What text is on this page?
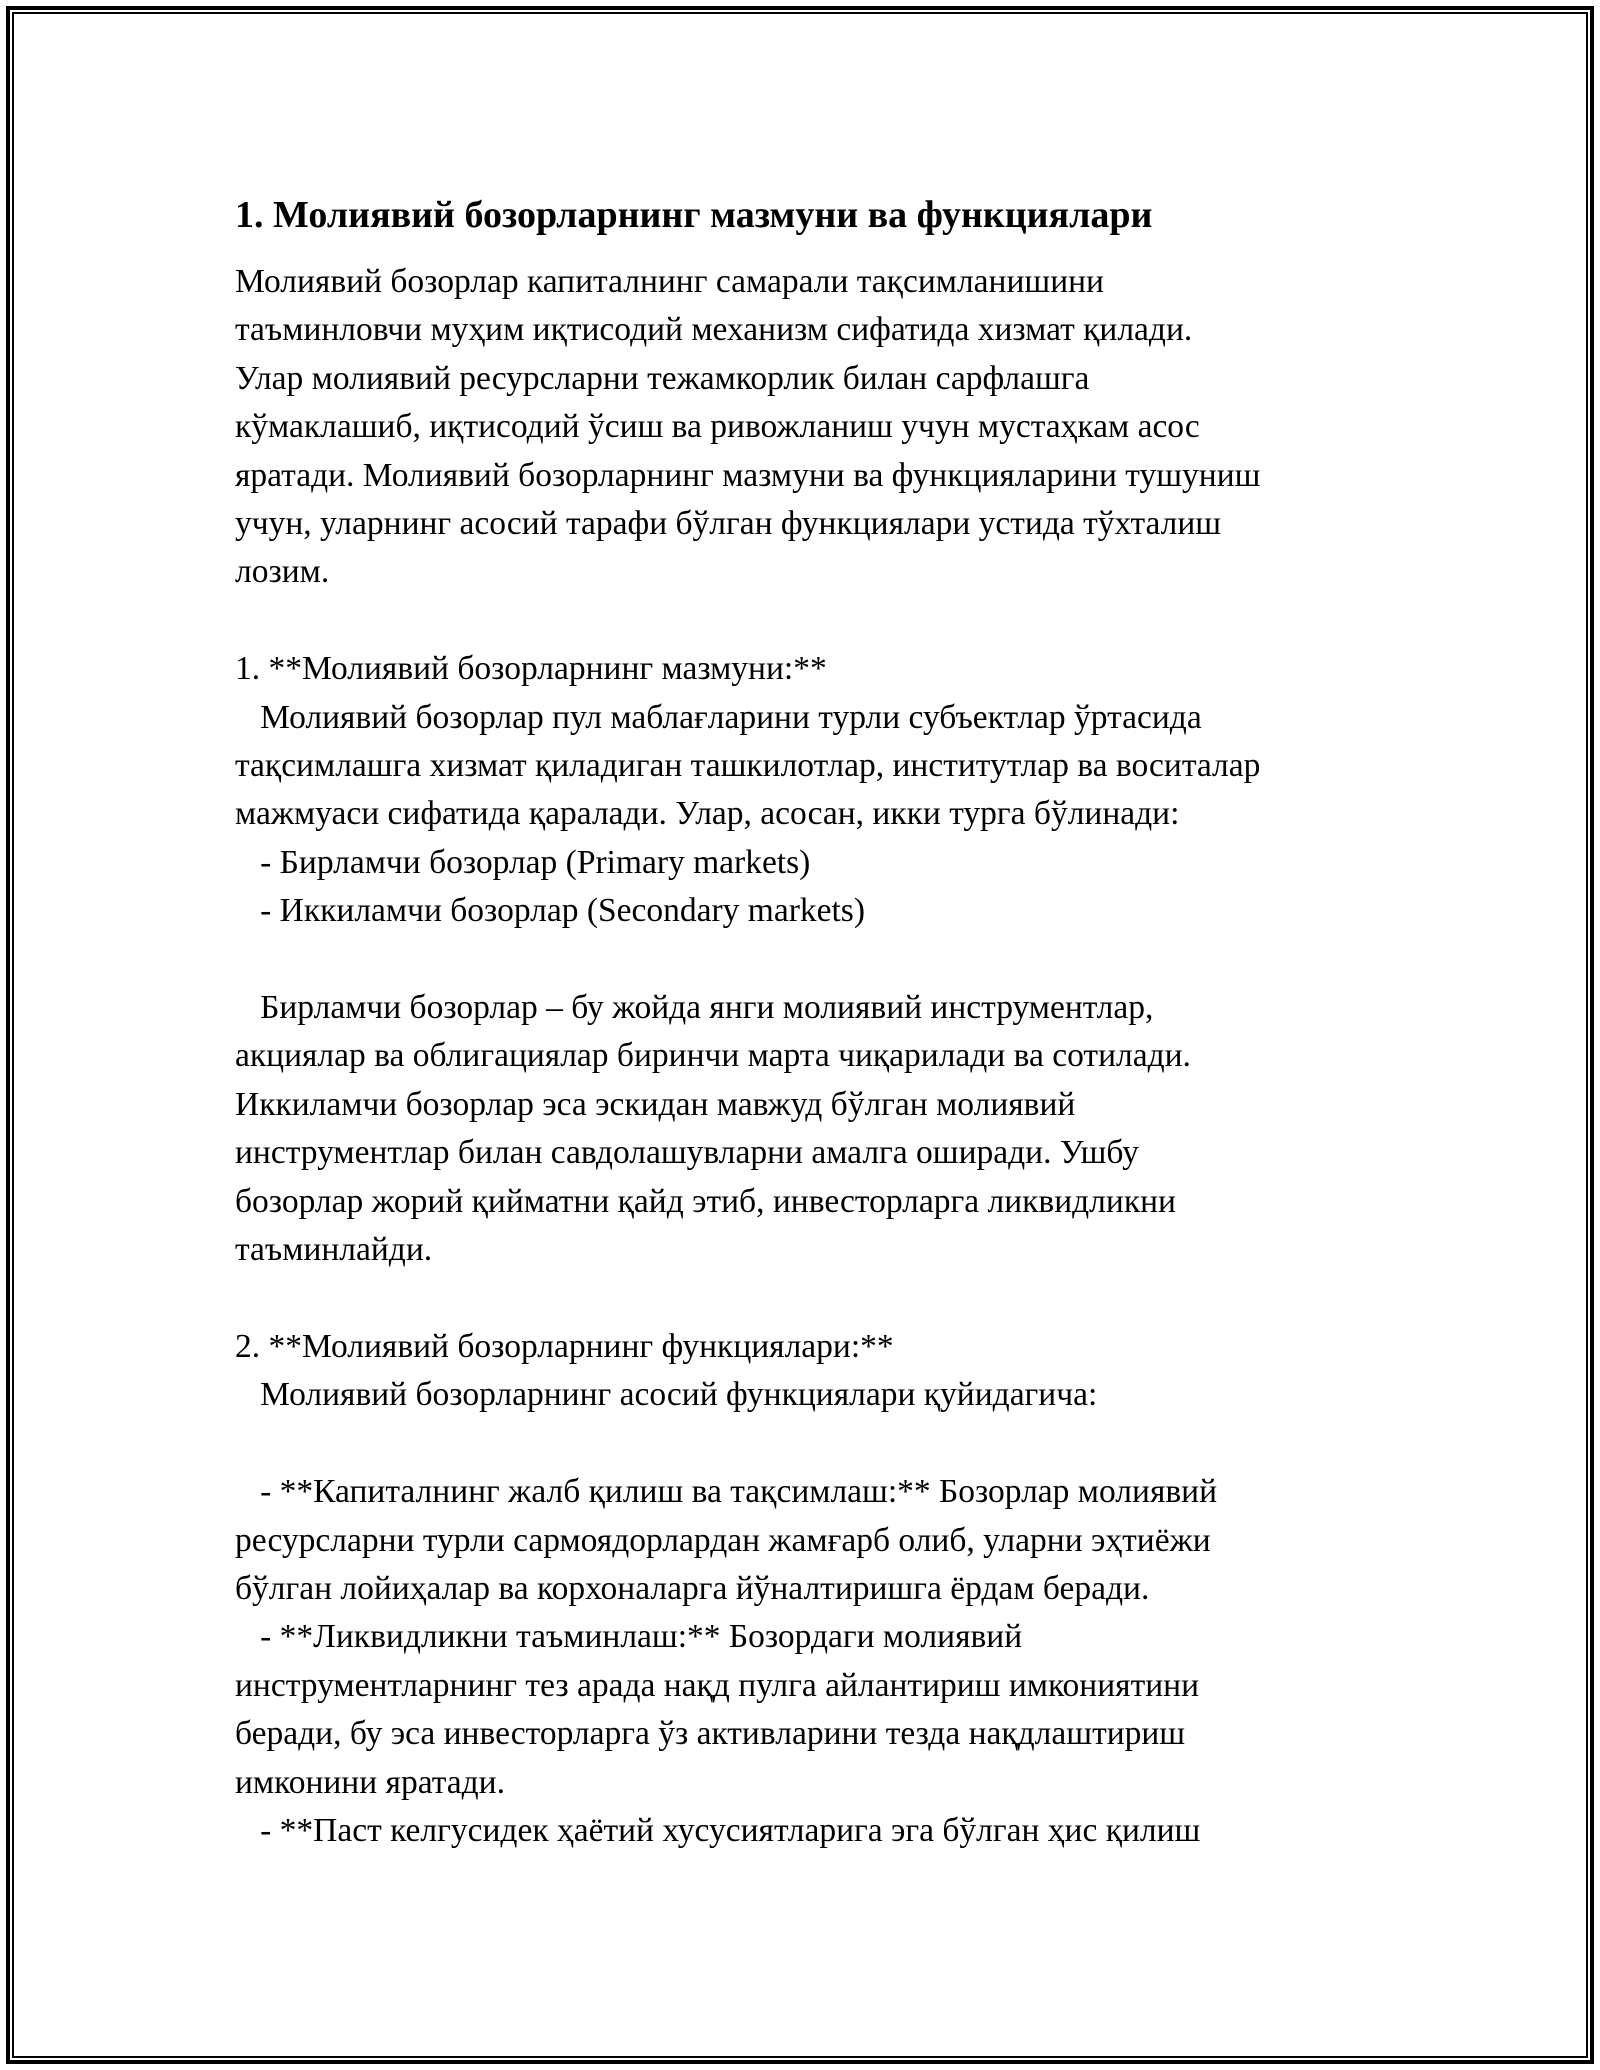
1. Молиявий бозорларнинг мазмуни ва функциялари
Молиявий бозорлар капиталнинг самарали тақсимланишини
таъминловчи муҳим иқтисодий механизм сифатида хизмат қилади.
Улар молиявий ресурсларни тежамкорлик билан сарфлашга
кўмаклашиб, иқтисодий ўсиш ва ривожланиш учун мустаҳкам асос
яратади. Молиявий бозорларнинг мазмуни ва функцияларини тушуниш
учун, уларнинг асосий тарафи бўлган функциялари устида тўхталиш
лозим.
1. **Молиявий бозорларнинг мазмуни:**
Молиявий бозорлар пул маблағларини турли субъектлар ўртасида
тақсимлашга хизмат қиладиган ташкилотлар, институтлар ва воситалар
мажмуаси сифатида қаралади. Улар, асосан, икки турга бўлинади:
- Бирламчи бозорлар (Primary markets)
- Иккиламчи бозорлар (Secondary markets)
Бирламчи бозорлар – бу жойда янги молиявий инструментлар,
акциялар ва облигациялар биринчи марта чиқарилади ва сотилади.
Иккиламчи бозорлар эса эскидан мавжуд бўлган молиявий
инструментлар билан савдолашувларни амалга оширади. Ушбу
бозорлар жорий қийматни қайд этиб, инвесторларга ликвидликни
таъминлайди.
2. **Молиявий бозорларнинг функциялари:**
Молиявий бозорларнинг асосий функциялари қуйидагича:
- **Капиталнинг жалб қилиш ва тақсимлаш:** Бозорлар молиявий
ресурсларни турли сармоядорлардан жамғарб олиб, уларни эҳтиёжи
бўлган лойиҳалар ва корхоналарга йўналтиришга ёрдам беради.
- **Ликвидликни таъминлаш:** Бозордаги молиявий
инструментларнинг тез арада нақд пулга айлантириш имкониятини
беради, бу эса инвесторларга ўз активларини тезда нақдлаштириш
имконини яратади.
- **Паст келгусидек ҳаётий хусусиятларига эга бўлган ҳис қилиш
